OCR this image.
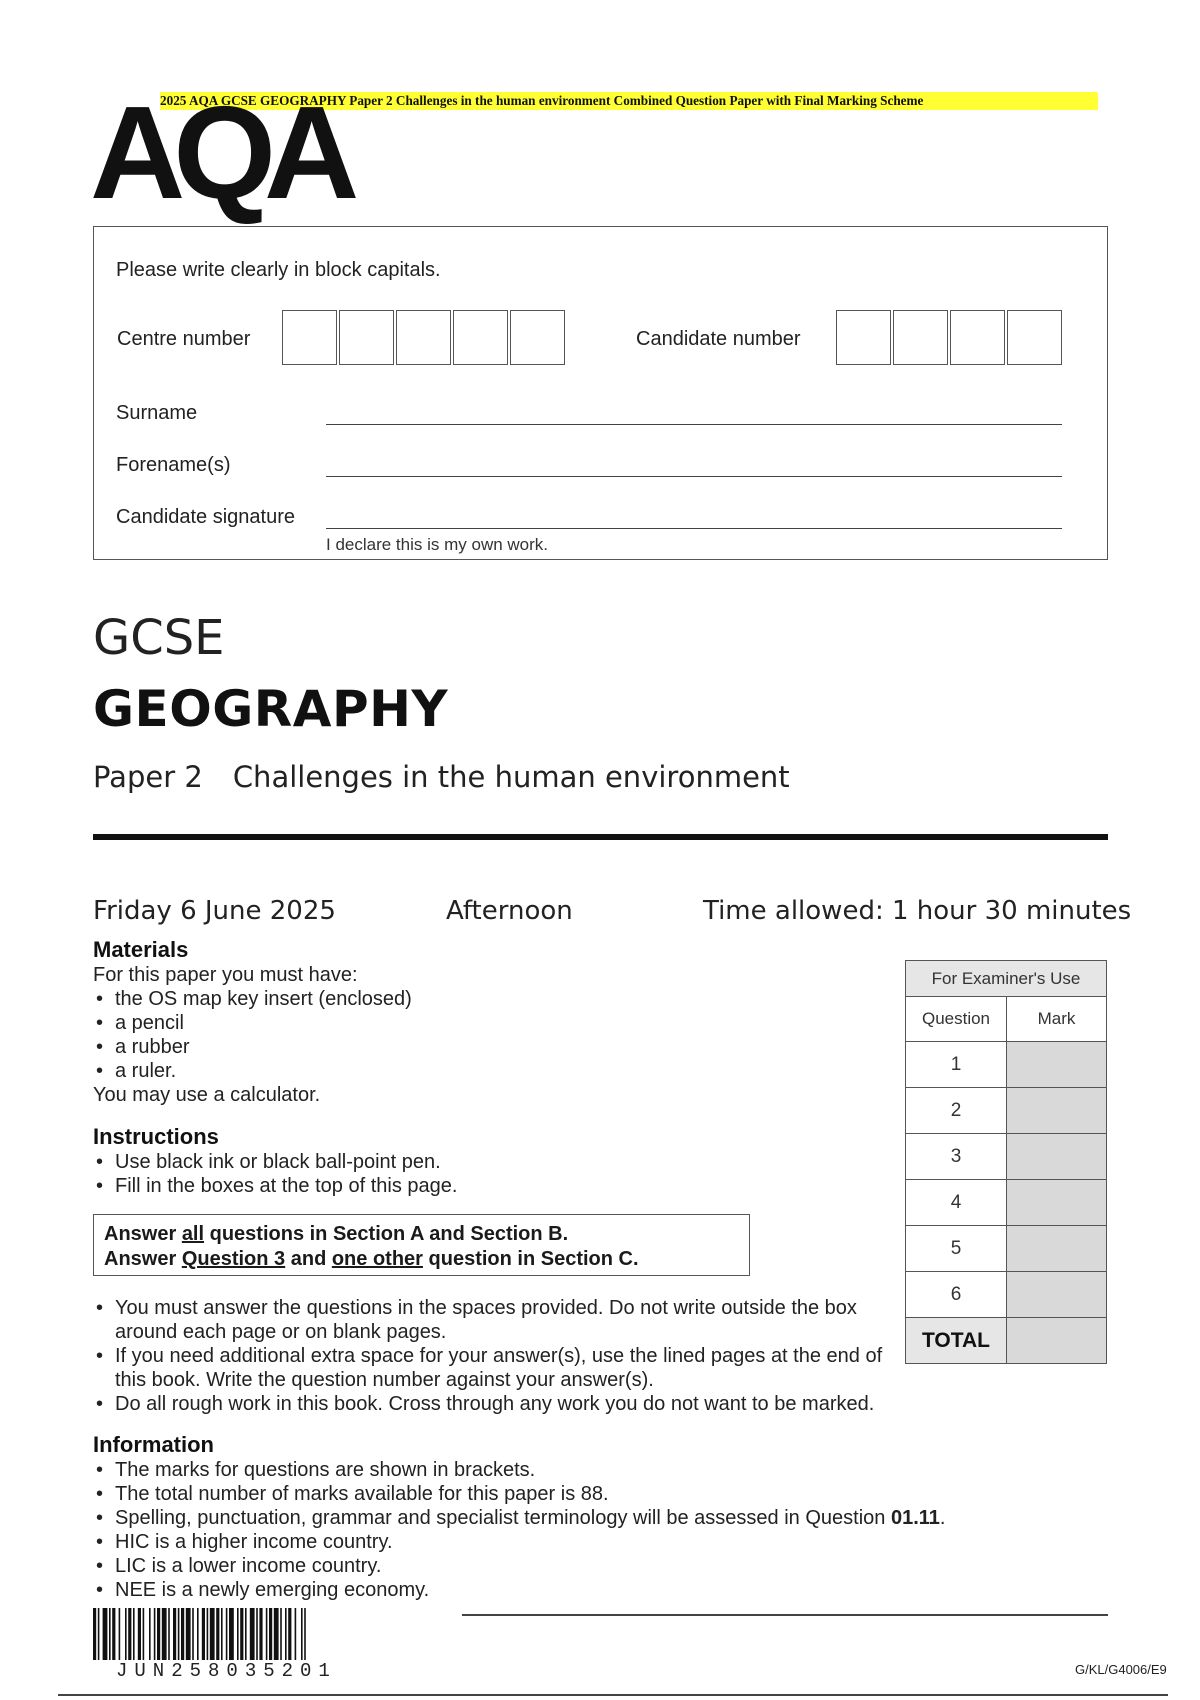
2025 AQA GCSE GEOGRAPHY Paper 2 Challenges in the human environment Combined Question Paper with Final Marking Scheme
AQA
Please write clearly in block capitals.
Centre number	Candidate number
Surname
Forename(s)
Candidate signature
I declare this is my own work.
GCSE
GEOGRAPHY
Paper 2 Challenges in the human environment
Friday 6 June 2025	Afternoon	Time allowed: 1 hour 30 minutes
Materials
For this paper you must have:
• the OS map key insert (enclosed)
• a pencil
• a rubber
• a ruler.
You may use a calculator.
Instructions
• Use black ink or black ball-point pen.
• Fill in the boxes at the top of this page.
Answer all questions in Section A and Section B.
Answer Question 3 and one other question in Section C.
• You must answer the questions in the spaces provided. Do not write outside the box around each page or on blank pages.
• If you need additional extra space for your answer(s), use the lined pages at the end of this book. Write the question number against your answer(s).
• Do all rough work in this book. Cross through any work you do not want to be marked.
Information
• The marks for questions are shown in brackets.
• The total number of marks available for this paper is 88.
• Spelling, punctuation, grammar and specialist terminology will be assessed in Question 01.11.
• HIC is a higher income country.
• LIC is a lower income country.
• NEE is a newly emerging economy.
For Examiner's Use	
Question	Mark
1	
2	
3	
4	
5	
6	
TOTAL	
JUN258035201	G/KL/G4006/E9
